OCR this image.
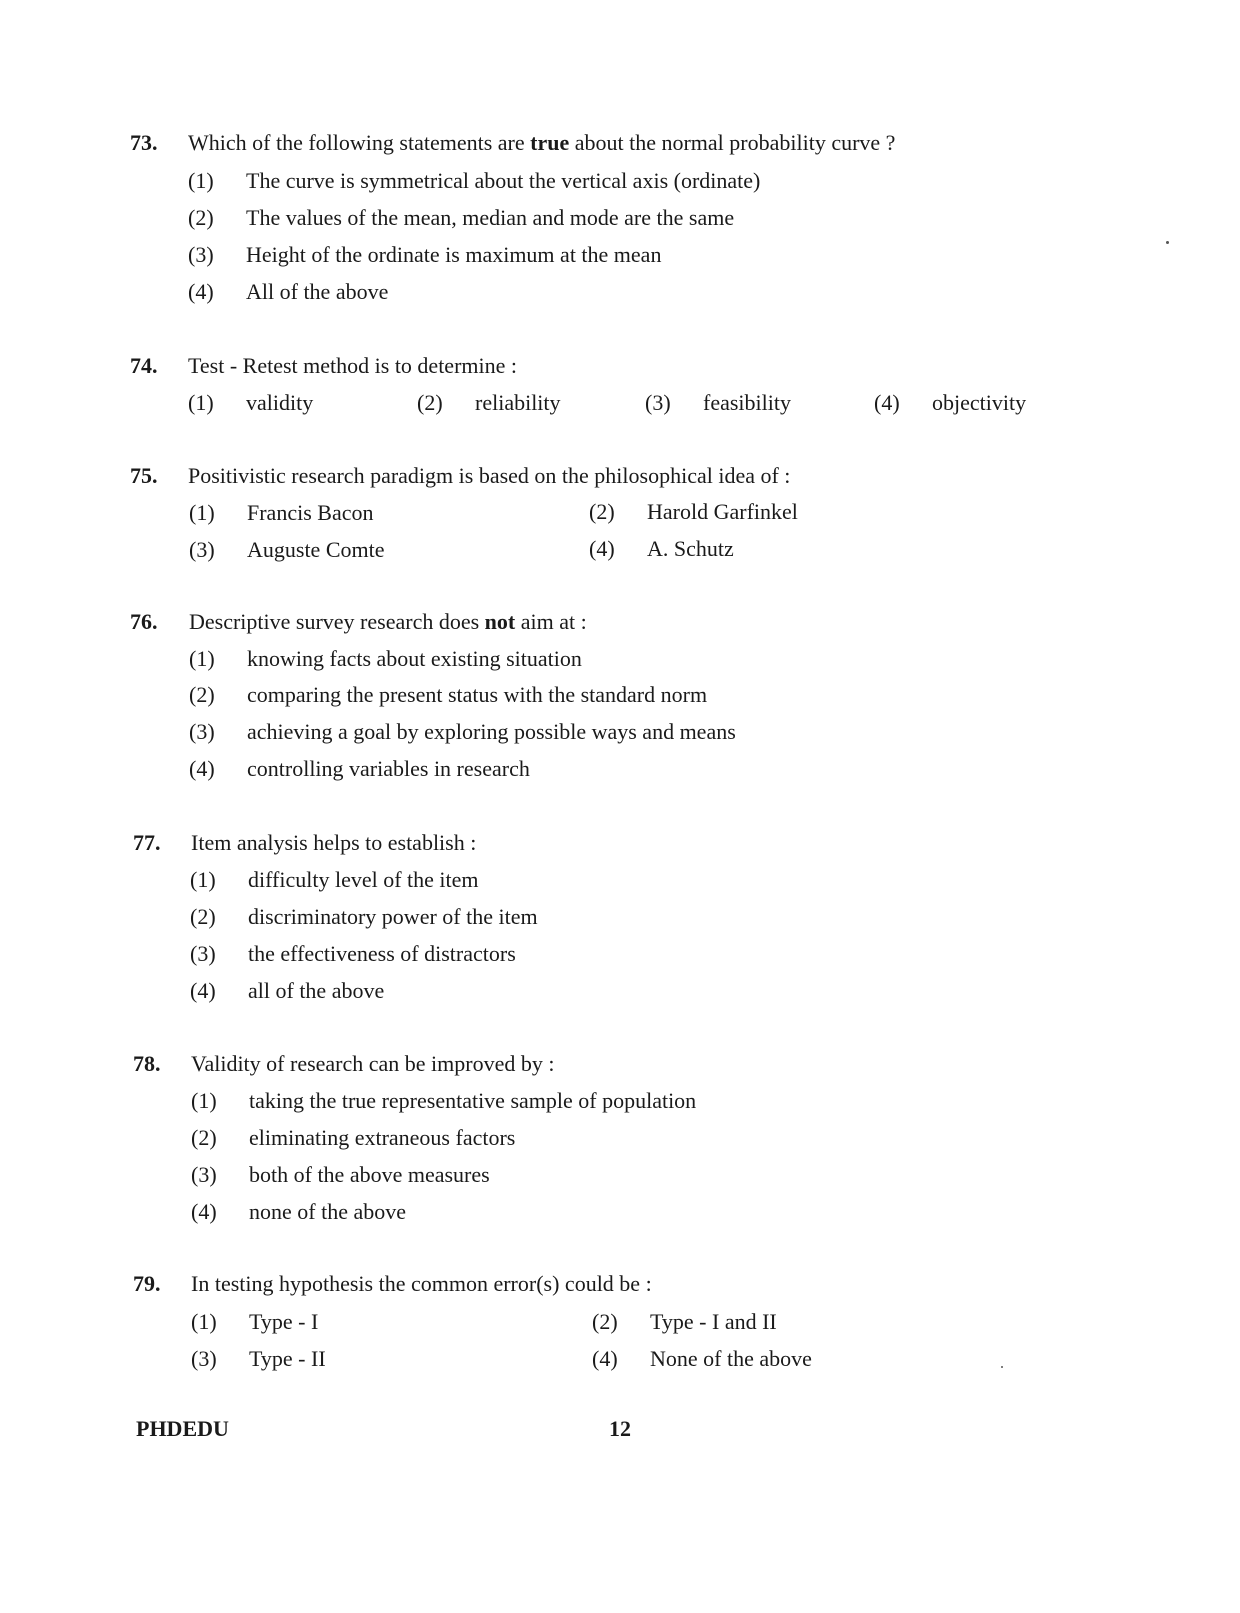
73. Which of the following statements are true about the normal probability curve ?
(1) The curve is symmetrical about the vertical axis (ordinate)
(2) The values of the mean, median and mode are the same
(3) Height of the ordinate is maximum at the mean
(4) All of the above
74. Test - Retest method is to determine :
(1) validity	(2) reliability	(3) feasibility	(4) objectivity
75. Positivistic research paradigm is based on the philosophical idea of :
(1) Francis Bacon	(2) Harold Garfinkel
(3) Auguste Comte	(4) A. Schutz
76. Descriptive survey research does not aim at :
(1) knowing facts about existing situation
(2) comparing the present status with the standard norm
(3) achieving a goal by exploring possible ways and means
(4) controlling variables in research
77. Item analysis helps to establish :
(1) difficulty level of the item
(2) discriminatory power of the item
(3) the effectiveness of distractors
(4) all of the above
78. Validity of research can be improved by :
(1) taking the true representative sample of population
(2) eliminating extraneous factors
(3) both of the above measures
(4) none of the above
79. In testing hypothesis the common error(s) could be :
(1) Type - I	(2) Type - I and II
(3) Type - II	(4) None of the above
PHDEDU	12
